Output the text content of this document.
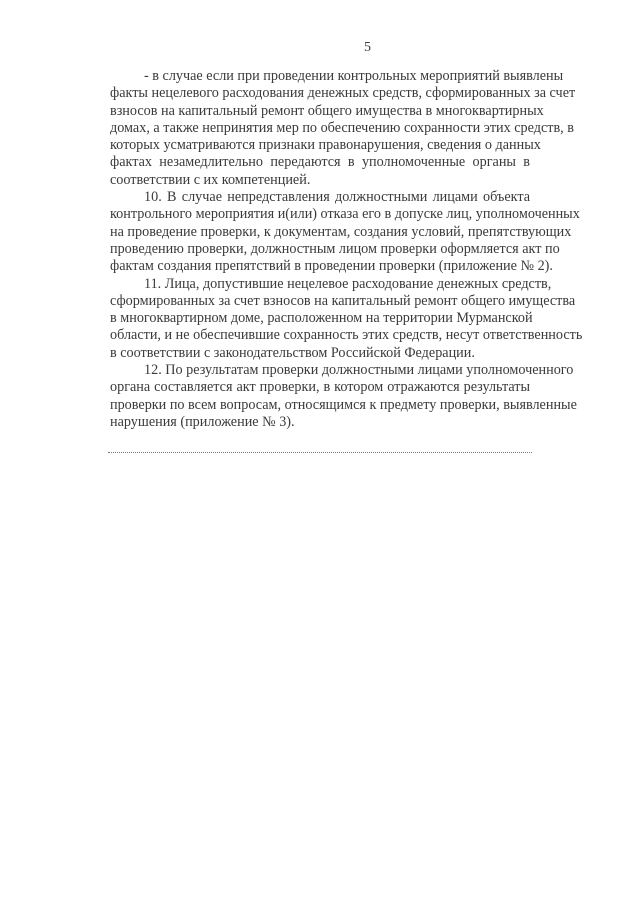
5
- в случае если при проведении контрольных мероприятий выявлены
факты нецелевого расходования денежных средств, сформированных за счет
взносов на капитальный ремонт общего имущества в многоквартирных
домах, а также непринятия мер по обеспечению сохранности этих средств, в
которых усматриваются признаки правонарушения, сведения о данных
фактах незамедлительно передаются в уполномоченные органы в
соответствии с их компетенцией.
10. В случае непредставления должностными лицами объекта
контрольного мероприятия и(или) отказа его в допуске лиц, уполномоченных
на проведение проверки, к документам, создания условий, препятствующих
проведению проверки, должностным лицом проверки оформляется акт по
фактам создания препятствий в проведении проверки (приложение № 2).
11. Лица, допустившие нецелевое расходование денежных средств,
сформированных за счет взносов на капитальный ремонт общего имущества
в многоквартирном доме, расположенном на территории Мурманской
области, и не обеспечившие сохранность этих средств, несут ответственность
в соответствии с законодательством Российской Федерации.
12. По результатам проверки должностными лицами уполномоченного
органа составляется акт проверки, в котором отражаются результаты
проверки по всем вопросам, относящимся к предмету проверки, выявленные
нарушения (приложение № 3).
